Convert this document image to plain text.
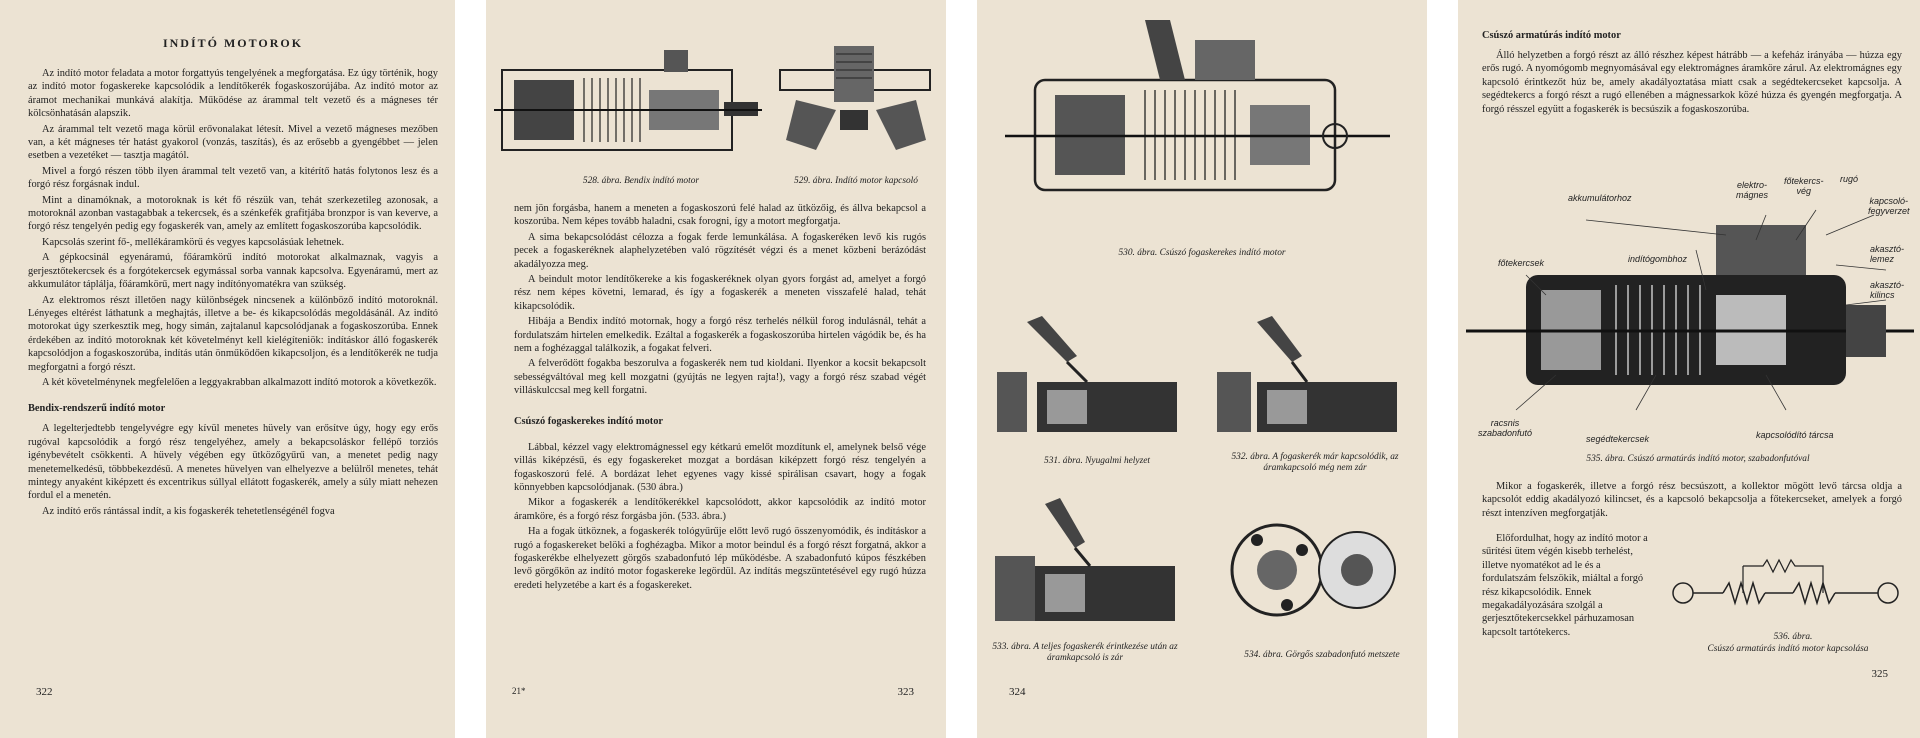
INDÍTÓ MOTOROK

Az indító motor feladata a motor forgattyús tengelyének a megforgatása. Ez úgy történik, hogy az indító motor fogaskereke kapcsolódik a lendítőkerék fogaskoszorújába. Az indító motor az áramot mechanikai munkává alakítja. Működése az árammal telt vezető és a mágneses tér kölcsönhatásán alapszik.

Az árammal telt vezető maga körül erővonalakat létesít. Mivel a vezető mágneses mezőben van, a két mágneses tér hatást gyakorol (vonzás, taszítás), és az erősebb a gyengébbet — jelen esetben a vezetéket — tasztja magától.

Mivel a forgó részen több ilyen árammal telt vezető van, a kitérítő hatás folytonos lesz és a forgó rész forgásnak indul.

Mint a dinamóknak, a motoroknak is két fő részük van, tehát szerkezetileg azonosak, a motoroknál azonban vastagabbak a tekercsek, és a szénkefék grafitjába bronzpor is van keverve, a forgó rész tengelyén pedig egy fogaskerék van, amely az említett fogaskoszorúba kapcsolódik.

Kapcsolás szerint fő-, mellékáramkörű és vegyes kapcsolásúak lehetnek.

A gépkocsinál egyenáramú, főáramkörű indító motorokat alkalmaznak, vagyis a gerjesztőtekercsek és a forgótekercsek egymással sorba vannak kapcsolva. Egyenáramú, mert az akkumulátor táplálja, főáramkörű, mert nagy indítónyomatékra van szükség.

Az elektromos részt illetően nagy különbségek nincsenek a különböző indító motoroknál. Lényeges eltérést láthatunk a meghajtás, illetve a be- és kikapcsolódás megoldásánál. Az indító motorokat úgy szerkesztik meg, hogy simán, zajtalanul kapcsolódjanak a fogaskoszorúba. Ennek érdekében az indító motoroknak két követelményt kell kielégíteniök: indításkor álló fogaskerék kapcsolódjon a fogaskoszorúba, indítás után önműködően kikapcsoljon, és a lendítőkerék ne tudja megforgatni a forgó részt.

A két követelménynek megfelelően a leggyakrabban alkalmazott indító motorok a következők.

Bendix-rendszerű indító motor

A legelterjedtebb tengelyvégre egy kívül menetes hüvely van erősítve úgy, hogy egy erős rugóval kapcsolódik a forgó rész tengelyéhez, amely a bekapcsoláskor fellépő torziós igénybevételt csökkenti. A hüvely végében egy ütközőgyűrű van, a menetet pedig nagy menetemelkedésű, többbekezdésű. A menetes hüvelyen van elhelyezve a belülről menetes, tehát mintegy anyaként kiképzett és excentrikus súllyal ellátott fogaskerék, amely a súly miatt nehezen fordul el a menetén.

Az indító erős rántással indít, a kis fogaskerék tehetetlenségénél fogva

322
528. ábra. Bendix indító motor	529. ábra. Indító motor kapcsoló

nem jön forgásba, hanem a meneten a fogaskoszorú felé halad az ütközőig, és állva bekapcsol a koszorúba. Nem képes tovább haladni, csak forogni, így a motort megforgatja.

A sima bekapcsolódást célozza a fogak ferde lemunkálása. A fogaskeréken levő kis rugós pecek a fogaskeréknek alaphelyzetében való rögzítését végzi és a menet közbeni berázódást akadályozza meg.

A beindult motor lendítőkereke a kis fogaskeréknek olyan gyors forgást ad, amelyet a forgó rész nem képes követni, lemarad, és így a fogaskerék a meneten visszafelé halad, tehát kikapcsolódik.

Hibája a Bendix indító motornak, hogy a forgó rész terhelés nélkül forog indulásnál, tehát a fordulatszám hirtelen emelkedik. Ezáltal a fogaskerék a fogaskoszorúba hirtelen vágódik be, és ha nem a foghézaggal találkozik, a fogakat felveri.

A felverődött fogakba beszorulva a fogaskerék nem tud kioldani. Ilyenkor a kocsit bekapcsolt sebességváltóval meg kell mozgatni (gyújtás ne legyen rajta!), vagy a forgó rész szabad végét villáskulccsal meg kell forgatni.

Csúszó fogaskerekes indító motor

Lábbal, kézzel vagy elektromágnessel egy kétkarú emelőt mozdítunk el, amelynek belső vége villás kiképzésű, és egy fogaskereket mozgat a bordásan kiképzett forgó rész tengelyén a fogaskoszorú felé. A bordázat lehet egyenes vagy kissé spirálisan csavart, hogy a fogak könnyebben kapcsolódjanak. (530 ábra.)

Mikor a fogaskerék a lendítőkerékkel kapcsolódott, akkor kapcsolódik az indító motor áramköre, és a forgó rész forgásba jön. (533. ábra.)

Ha a fogak ütköznek, a fogaskerék tológyűrűje előtt levő rugó összenyomódik, és indításkor a rugó a fogaskereket belöki a foghézagba. Mikor a motor beindul és a forgó részt forgatná, akkor a fogaskerékbe elhelyezett görgős szabadonfutó lép működésbe. A szabadonfutó kúpos fészkében levő görgőkön az indító motor fogaskereke legördül. Az indítás megszüntetésével egy rugó húzza eredeti helyzetébe a kart és a fogaskereket.

21*	323
530. ábra. Csúszó fogaskerekes indító motor
531. ábra. Nyugalmi helyzet	532. ábra. A fogaskerék már kapcsolódik, az áramkapcsoló még nem zár
533. ábra. A teljes fogaskerék érintkezése után az áramkapcsoló is zár	534. ábra. Görgős szabadonfutó metszete
324
Csúszó armatúrás indító motor

Álló helyzetben a forgó részt az álló részhez képest hátrább — a kefeház irányába — húzza egy erős rugó. A nyomógomb megnyomásával egy elektromágnes áramköre zárul. Az elektromágnes egy kapcsoló érintkezőt húz be, amely akadályoztatása miatt csak a segédtekercseket kapcsolja. A segédtekercs a forgó részt a rugó ellenében a mágnessarkok közé húzza és gyengén megforgatja. A forgó résszel együtt a fogaskerék is becsúszik a fogaskoszorúba.

akkumulátorhoz
elektro-
mágnes
főtekercs-
vég
rugó
kapcsoló-
fegyverzet
főtekercsek	indítógombhoz
akasztó-
lemez
akasztó-
kilincs
racsnis
szabadonfutó
segédtekercsek	kapcsolódító tárcsa
535. ábra. Csúszó armatúrás indító motor, szabadonfutóval

Mikor a fogaskerék, illetve a forgó rész becsúszott, a kollektor mögött levő tárcsa oldja a kapcsolót eddig akadályozó kilincset, és a kapcsoló bekapcsolja a főtekercseket, amelyek a forgó részt intenzíven megforgatják.

Előfordulhat, hogy az indító motor a sűrítési ütem végén kisebb terhelést, illetve nyomatékot ad le és a fordulatszám felszökik, miáltal a forgó rész kikapcsolódik. Ennek megakadályozására szolgál a gerjesztőtekercsekkel párhuzamosan kapcsolt tartótekercs.	536. ábra.
Csúszó armatúrás indító motor kapcsolása
325
